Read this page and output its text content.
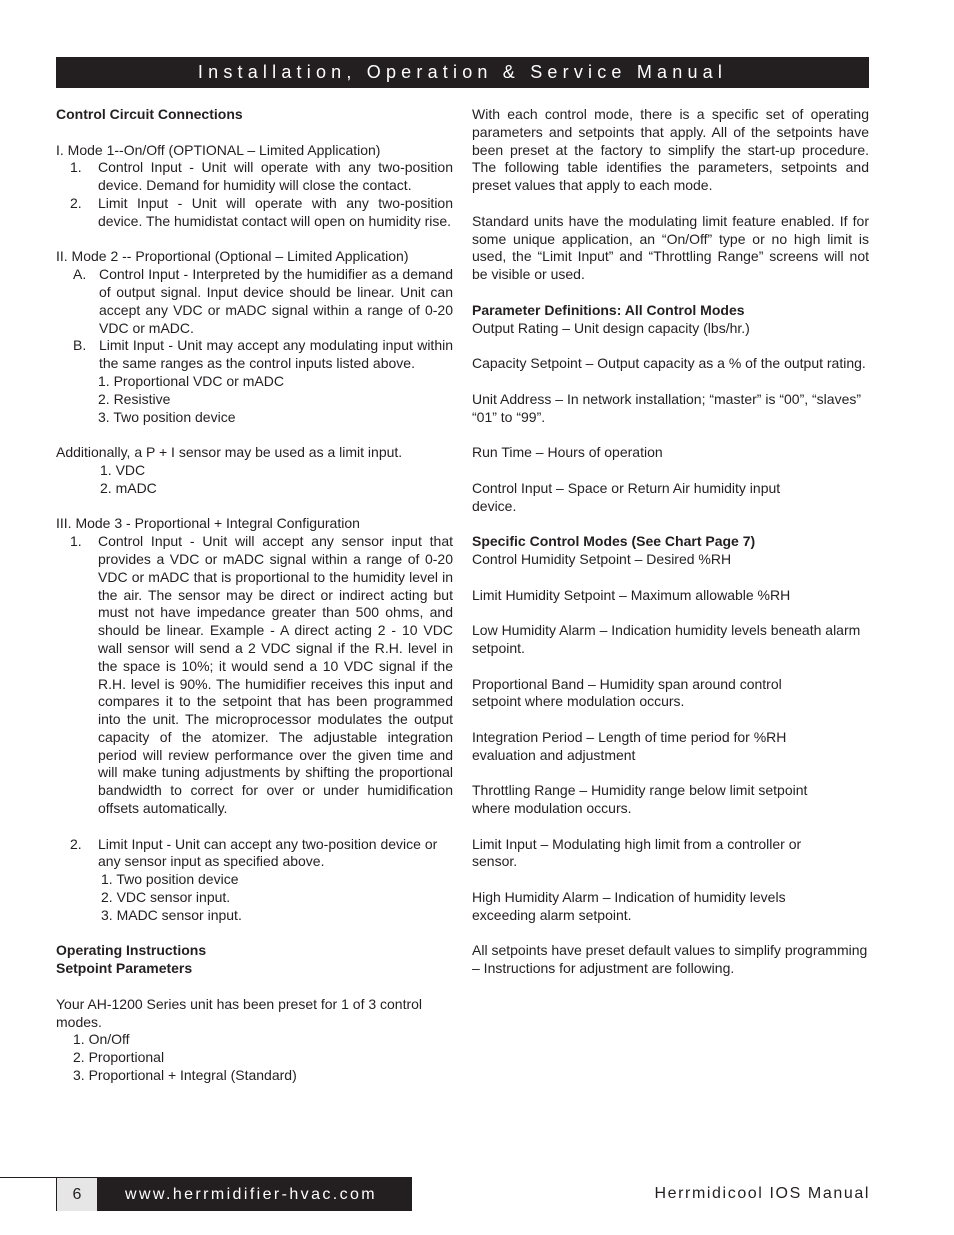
Installation, Operation & Service Manual

Control Circuit Connections

I. Mode 1--On/Off (OPTIONAL – Limited Application)

1.	Control Input - Unit will operate with any two-position device. Demand for humidity will close the contact.
2.	Limit Input - Unit will operate with any two-position device. The humidistat contact will open on humidity rise.

II. Mode 2 -- Proportional (Optional – Limited Application)

A. Control Input - Interpreted by the humidifier as a demand of output signal. Input device should be linear. Unit can accept any VDC or mADC signal within a range of 0-20 VDC or mADC.
B. Limit Input - Unit may accept any modulating input within the same ranges as the control inputs listed above.

1. Proportional VDC or mADC

2. Resistive

3. Two position device

Additionally, a P + I sensor may be used as a limit input.

1. VDC

2. mADC

III. Mode 3 - Proportional + Integral Configuration

1.	Control Input - Unit will accept any sensor input that provides a VDC or mADC signal within a range of 0-20 VDC or mADC that is proportional to the humidity level in the air. The sensor may be direct or indirect acting but must not have impedance greater than 500 ohms, and should be linear. Example - A direct acting 2 - 10 VDC wall sensor will send a 2 VDC signal if the R.H. level in the space is 10%; it would send a 10 VDC signal if the R.H. level is 90%. The humidifier receives this input and compares it to the setpoint that has been programmed into the unit. The microprocessor modulates the output capacity of the atomizer. The adjustable integration period will review performance over the given time and will make tuning adjustments by shifting the proportional bandwidth to correct for over or under humidification offsets automatically.
2.	Limit Input - Unit can accept any two-position device or any sensor input as specified above.

1. Two position device

2. VDC sensor input.

3. MADC sensor input.

Operating Instructions

Setpoint Parameters

Your AH-1200 Series unit has been preset for 1 of 3 control modes.

1. On/Off

2. Proportional

3. Proportional + Integral (Standard)

With each control mode, there is a specific set of operating parameters and setpoints that apply. All of the setpoints have been preset at the factory to simplify the start-up procedure. The following table identifies the parameters, setpoints and preset values that apply to each mode.

Standard units have the modulating limit feature enabled. If for some unique application, an “On/Off” type or no high limit is used, the “Limit Input” and “Throttling Range” screens will not be visible or used.

Parameter Definitions: All Control Modes

Output Rating – Unit design capacity (lbs/hr.)

Capacity Setpoint – Output capacity as a % of the output rating.

Unit Address – In network installation; “master” is “00”, “slaves” “01” to “99”.

Run Time – Hours of operation

Control Input – Space or Return Air humidity input device.

Specific Control Modes (See Chart Page 7)

Control Humidity Setpoint – Desired %RH

Limit Humidity Setpoint – Maximum allowable %RH

Low Humidity Alarm – Indication humidity levels beneath alarm setpoint.

Proportional Band – Humidity span around control setpoint where modulation occurs.

Integration Period – Length of time period for %RH evaluation and adjustment

Throttling Range – Humidity range below limit setpoint where modulation occurs.

Limit Input – Modulating high limit from a controller or sensor.

High Humidity Alarm – Indication of humidity levels exceeding alarm setpoint.

All setpoints have preset default values to simplify programming – Instructions for adjustment are following.

6	www.herrmidifier-hvac.com	Herrmidicool IOS Manual
